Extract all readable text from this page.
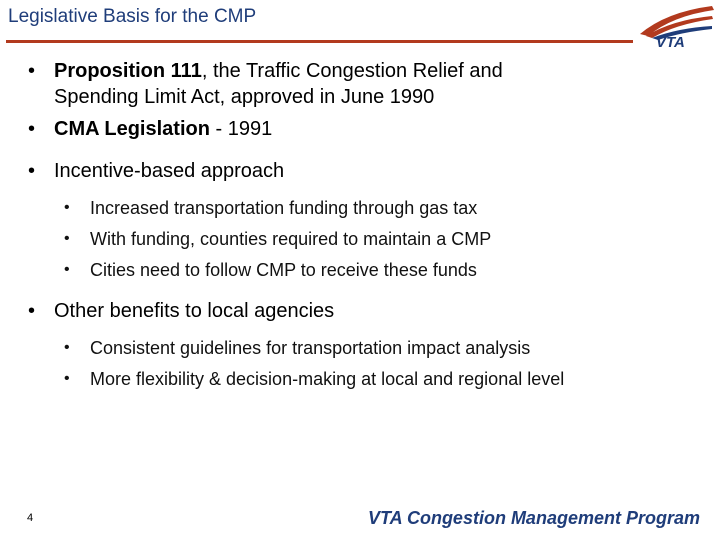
Legislative Basis for the CMP
VTA

• Proposition 111, the Traffic Congestion Relief and
Spending Limit Act, approved in June 1990

• CMA Legislation - 1991

• Incentive-based approach

• Increased transportation funding through gas tax

• With funding, counties required to maintain a CMP

• Cities need to follow CMP to receive these funds

• Other benefits to local agencies

• Consistent guidelines for transportation impact analysis

• More flexibility & decision-making at local and regional level

4	VTA Congestion Management Program
